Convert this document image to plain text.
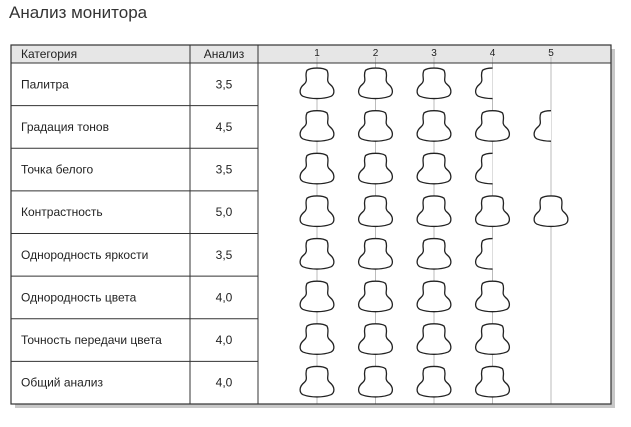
Анализ монитора
1	2	3	4	5
Категория	Анализ
Палитра	3,5
Градация тонов	4,5
Точка белого	3,5
Контрастность	5,0
Однородность яркости	3,5
Однородность цвета	4,0
Точность передачи цвета	4,0
Общий анализ	4,0
